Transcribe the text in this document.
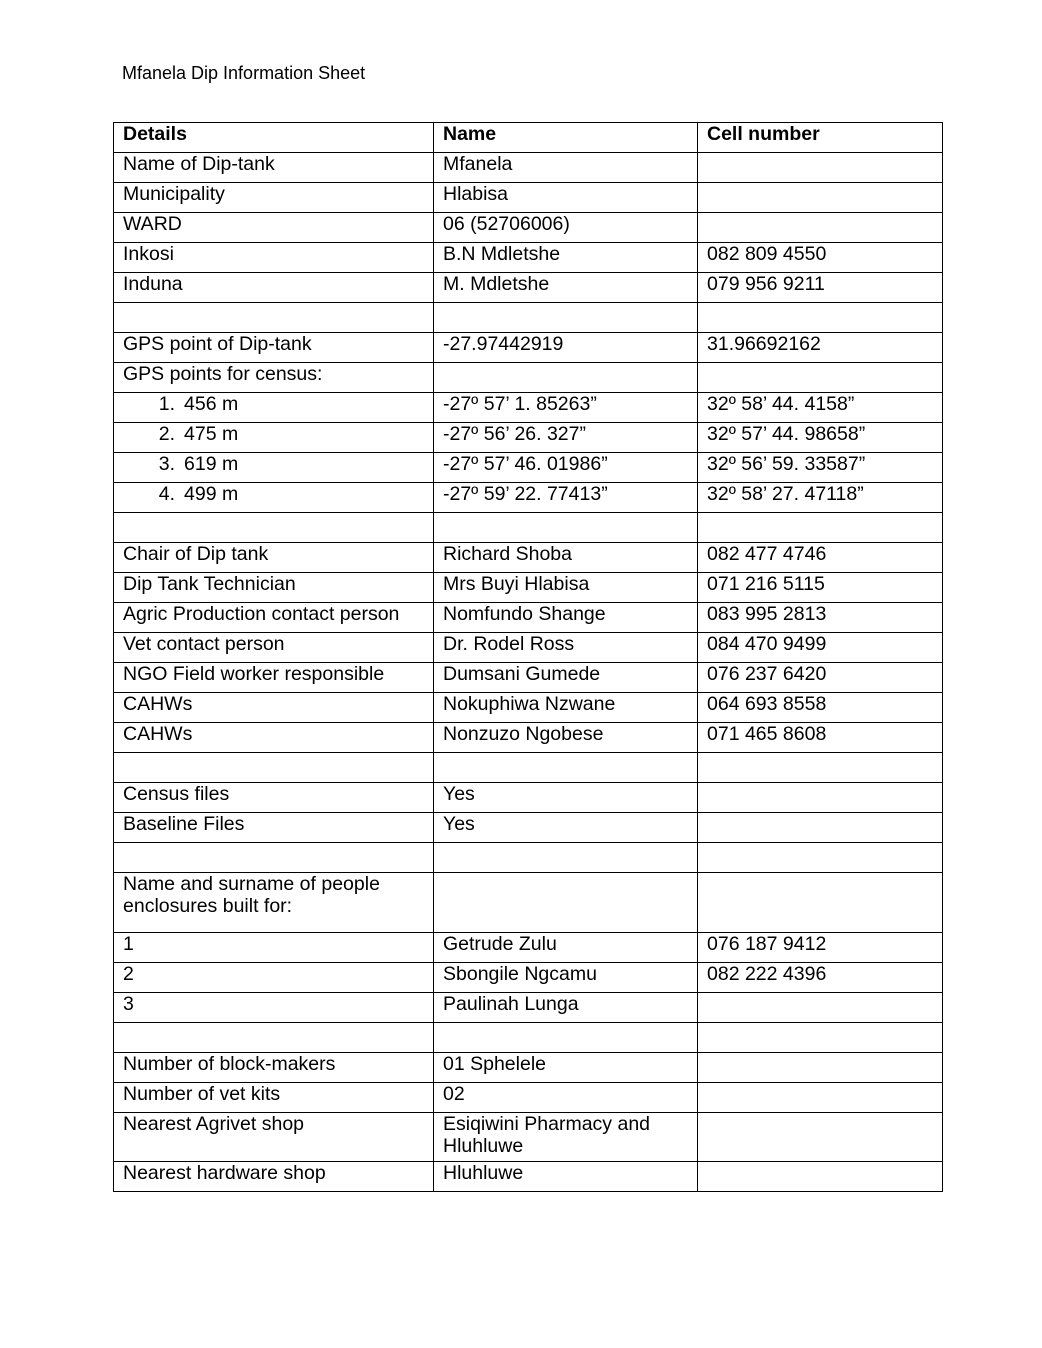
Mfanela Dip Information Sheet
Details	Name	Cell number
Name of Dip-tank	Mfanela	
Municipality	Hlabisa	
WARD	06 (52706006)	
Inkosi	B.N Mdletshe	082 809 4550
Induna	M. Mdletshe	079 956 9211

GPS point of Dip-tank	-27.97442919	31.96692162
GPS points for census:		
1. 456 m	-27º 57’ 1. 85263”	32º 58’ 44. 4158”
2. 475 m	-27º 56’ 26. 327”	32º 57’ 44. 98658”
3. 619 m	-27º 57’ 46. 01986”	32º 56’ 59. 33587”
4. 499 m	-27º 59’ 22. 77413”	32º 58’ 27. 47118”

Chair of Dip tank	Richard Shoba	082 477 4746
Dip Tank Technician	Mrs Buyi Hlabisa	071 216 5115
Agric Production contact person	Nomfundo Shange	083 995 2813
Vet contact person	Dr. Rodel Ross	084 470 9499
NGO Field worker responsible	Dumsani Gumede	076 237 6420
CAHWs	Nokuphiwa Nzwane	064 693 8558
CAHWs	Nonzuzo Ngobese	071 465 8608

Census files	Yes	
Baseline Files	Yes	

Name and surname of people enclosures built for:		
1	Getrude Zulu	076 187 9412
2	Sbongile Ngcamu	082 222 4396
3	Paulinah Lunga	

Number of block-makers	01 Sphelele	
Number of vet kits	02	
Nearest Agrivet shop	Esiqiwini Pharmacy and Hluhluwe	
Nearest hardware shop	Hluhluwe	
